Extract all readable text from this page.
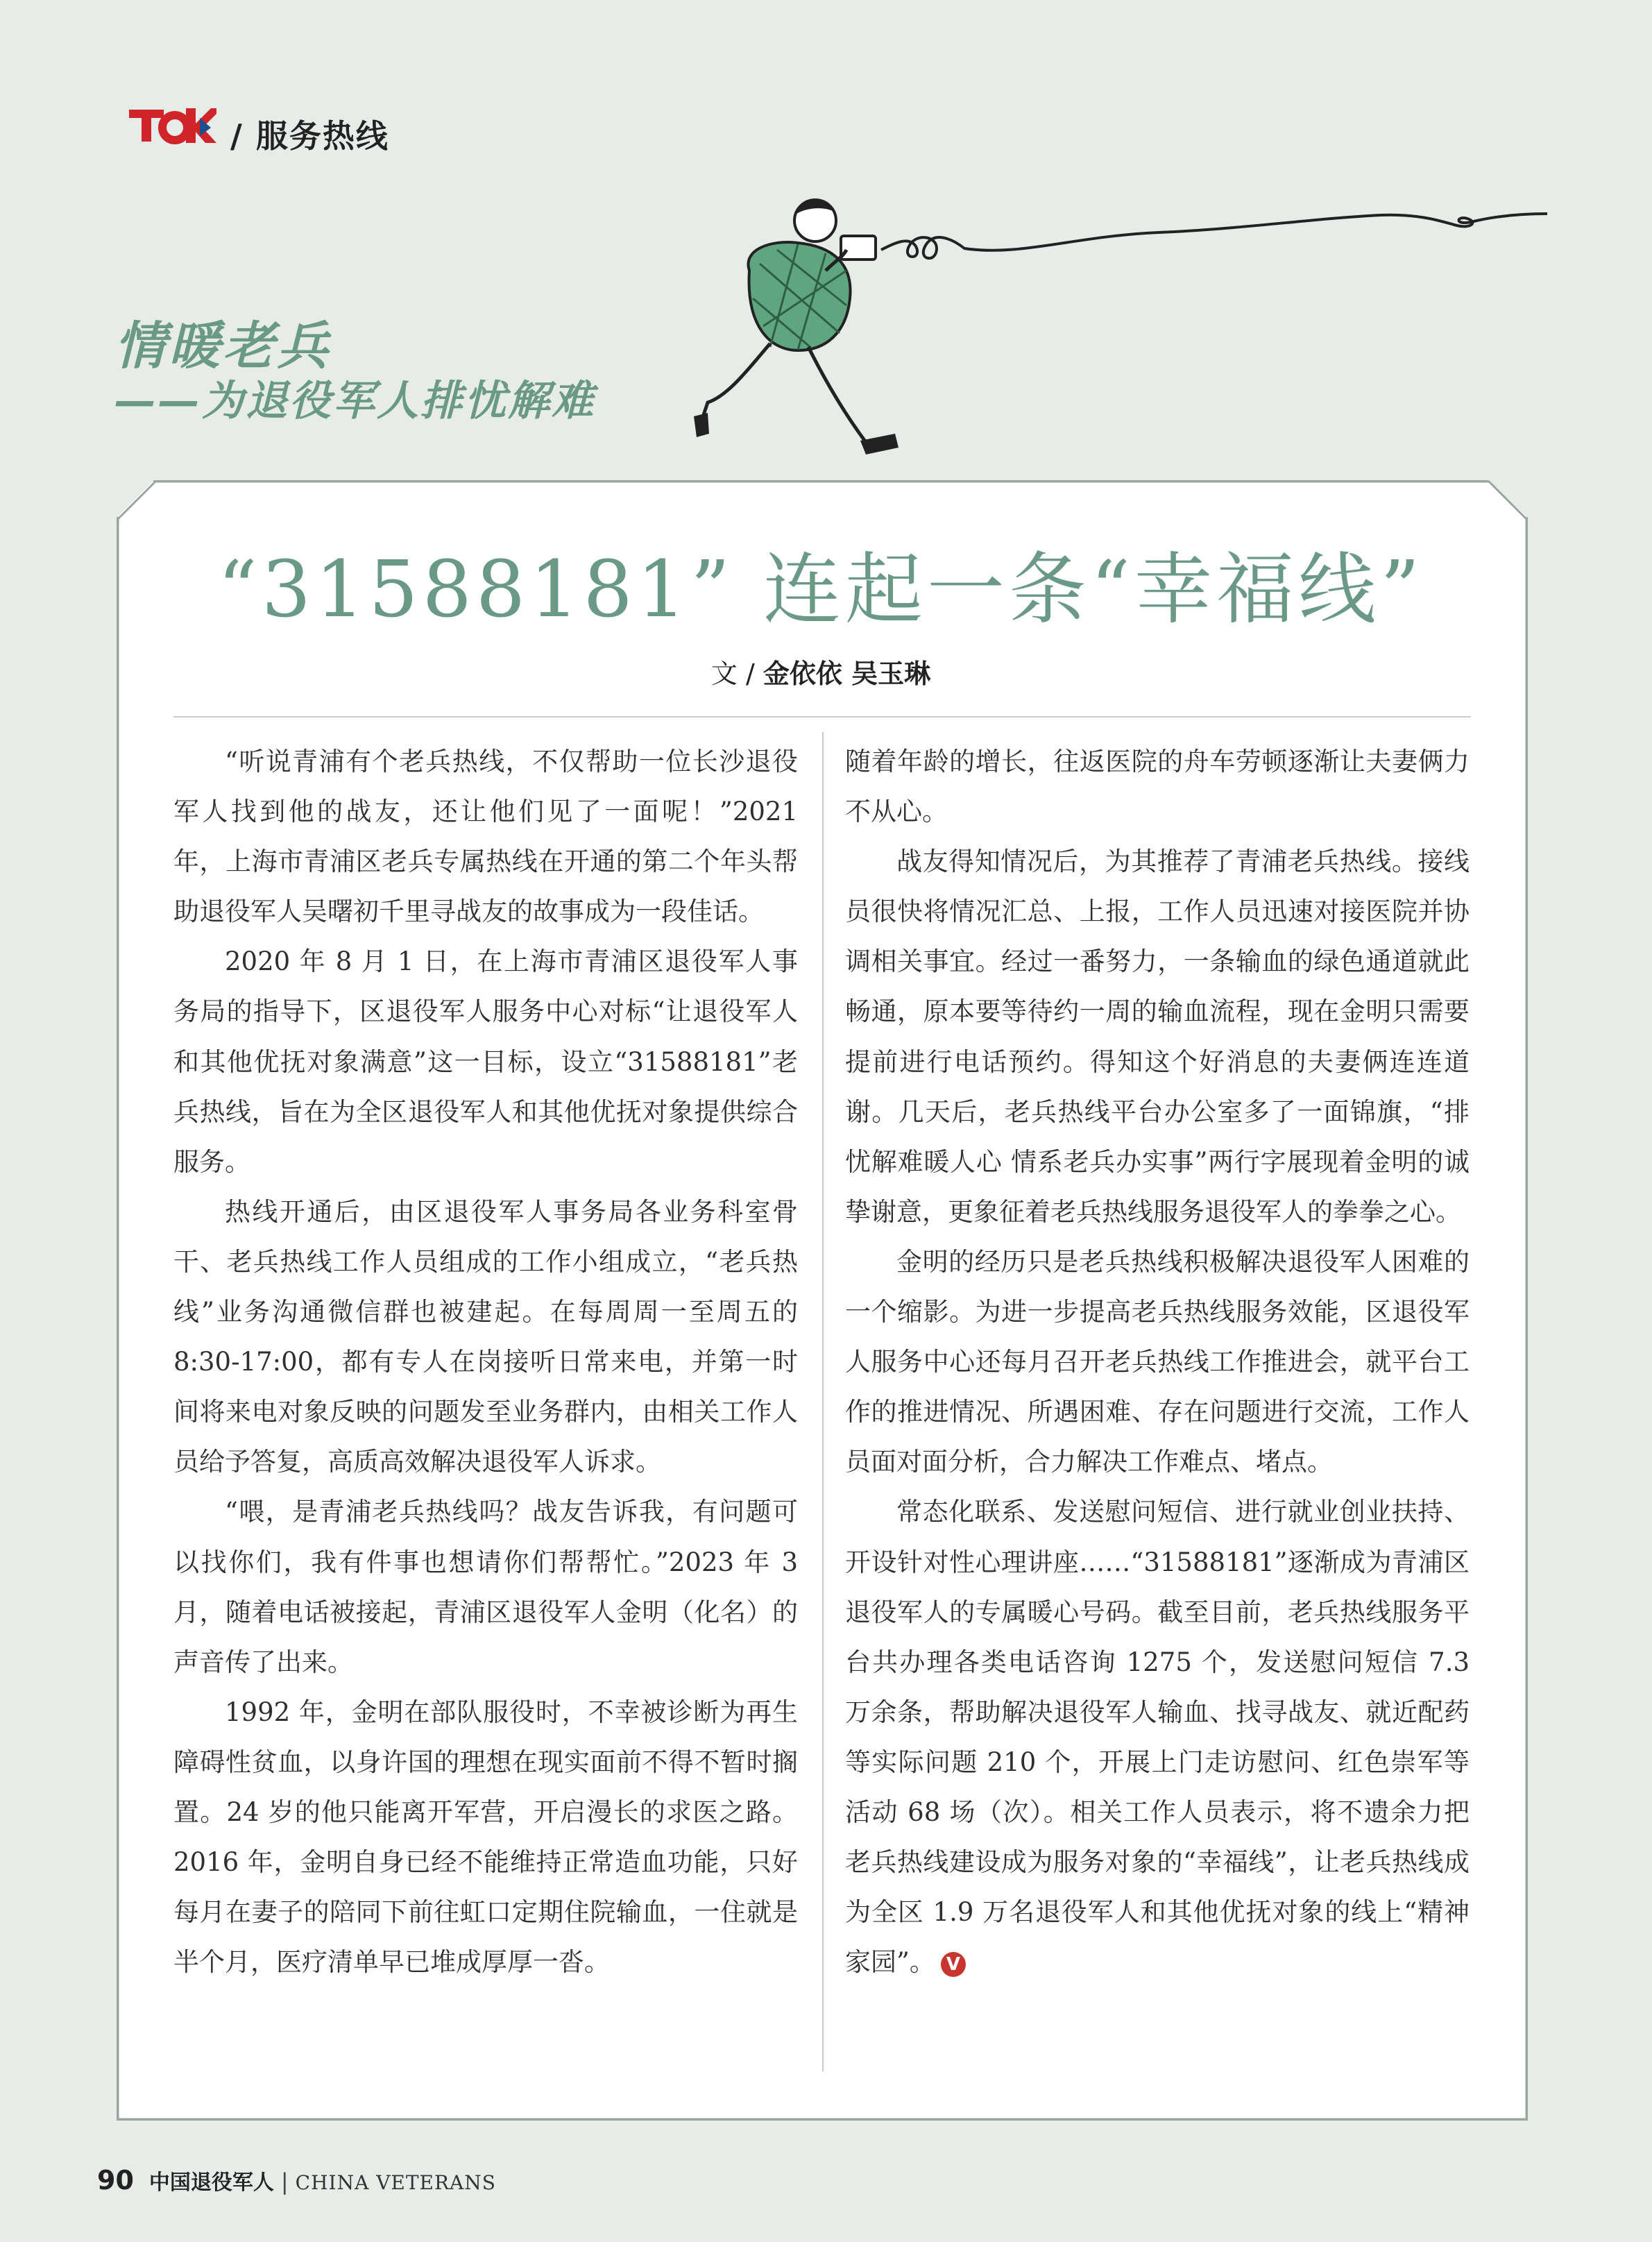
/ 服务热线
情暖老兵
——为退役军人排忧解难
“31588181” 连起一条“幸福线”
文 / 金依依 吴玉琳

“听说青浦有个老兵热线，不仅帮助一位长沙退役军人找到他的战友，还让他们见了一面呢！”2021 年，上海市青浦区老兵专属热线在开通的第二个年头帮助退役军人吴曙初千里寻战友的故事成为一段佳话。

2020 年 8 月 1 日，在上海市青浦区退役军人事务局的指导下，区退役军人服务中心对标“让退役军人和其他优抚对象满意”这一目标，设立“31588181”老兵热线，旨在为全区退役军人和其他优抚对象提供综合服务。

热线开通后，由区退役军人事务局各业务科室骨干、老兵热线工作人员组成的工作小组成立，“老兵热线”业务沟通微信群也被建起。在每周周一至周五的 8:30-17:00，都有专人在岗接听日常来电，并第一时间将来电对象反映的问题发至业务群内，由相关工作人员给予答复，高质高效解决退役军人诉求。

“喂，是青浦老兵热线吗？战友告诉我，有问题可以找你们，我有件事也想请你们帮帮忙。”2023 年 3 月，随着电话被接起，青浦区退役军人金明（化名）的声音传了出来。

1992 年，金明在部队服役时，不幸被诊断为再生障碍性贫血，以身许国的理想在现实面前不得不暂时搁置。24 岁的他只能离开军营，开启漫长的求医之路。2016 年，金明自身已经不能维持正常造血功能，只好每月在妻子的陪同下前往虹口定期住院输血，一住就是半个月，医疗清单早已堆成厚厚一沓。

随着年龄的增长，往返医院的舟车劳顿逐渐让夫妻俩力不从心。

战友得知情况后，为其推荐了青浦老兵热线。接线员很快将情况汇总、上报，工作人员迅速对接医院并协调相关事宜。经过一番努力，一条输血的绿色通道就此畅通，原本要等待约一周的输血流程，现在金明只需要提前进行电话预约。得知这个好消息的夫妻俩连连道谢。几天后，老兵热线平台办公室多了一面锦旗，“排忧解难暖人心 情系老兵办实事”两行字展现着金明的诚挚谢意，更象征着老兵热线服务退役军人的拳拳之心。

金明的经历只是老兵热线积极解决退役军人困难的一个缩影。为进一步提高老兵热线服务效能，区退役军人服务中心还每月召开老兵热线工作推进会，就平台工作的推进情况、所遇困难、存在问题进行交流，工作人员面对面分析，合力解决工作难点、堵点。

常态化联系、发送慰问短信、进行就业创业扶持、开设针对性心理讲座……“31588181”逐渐成为青浦区退役军人的专属暖心号码。截至目前，老兵热线服务平台共办理各类电话咨询 1275 个，发送慰问短信 7.3 万余条，帮助解决退役军人输血、找寻战友、就近配药等实际问题 210 个，开展上门走访慰问、红色崇军等活动 68 场（次）。相关工作人员表示，将不遗余力把老兵热线建设成为服务对象的“幸福线”，让老兵热线成为全区 1.9 万名退役军人和其他优抚对象的线上“精神家园”。 V

90 中国退役军人 | CHINA VETERANS
